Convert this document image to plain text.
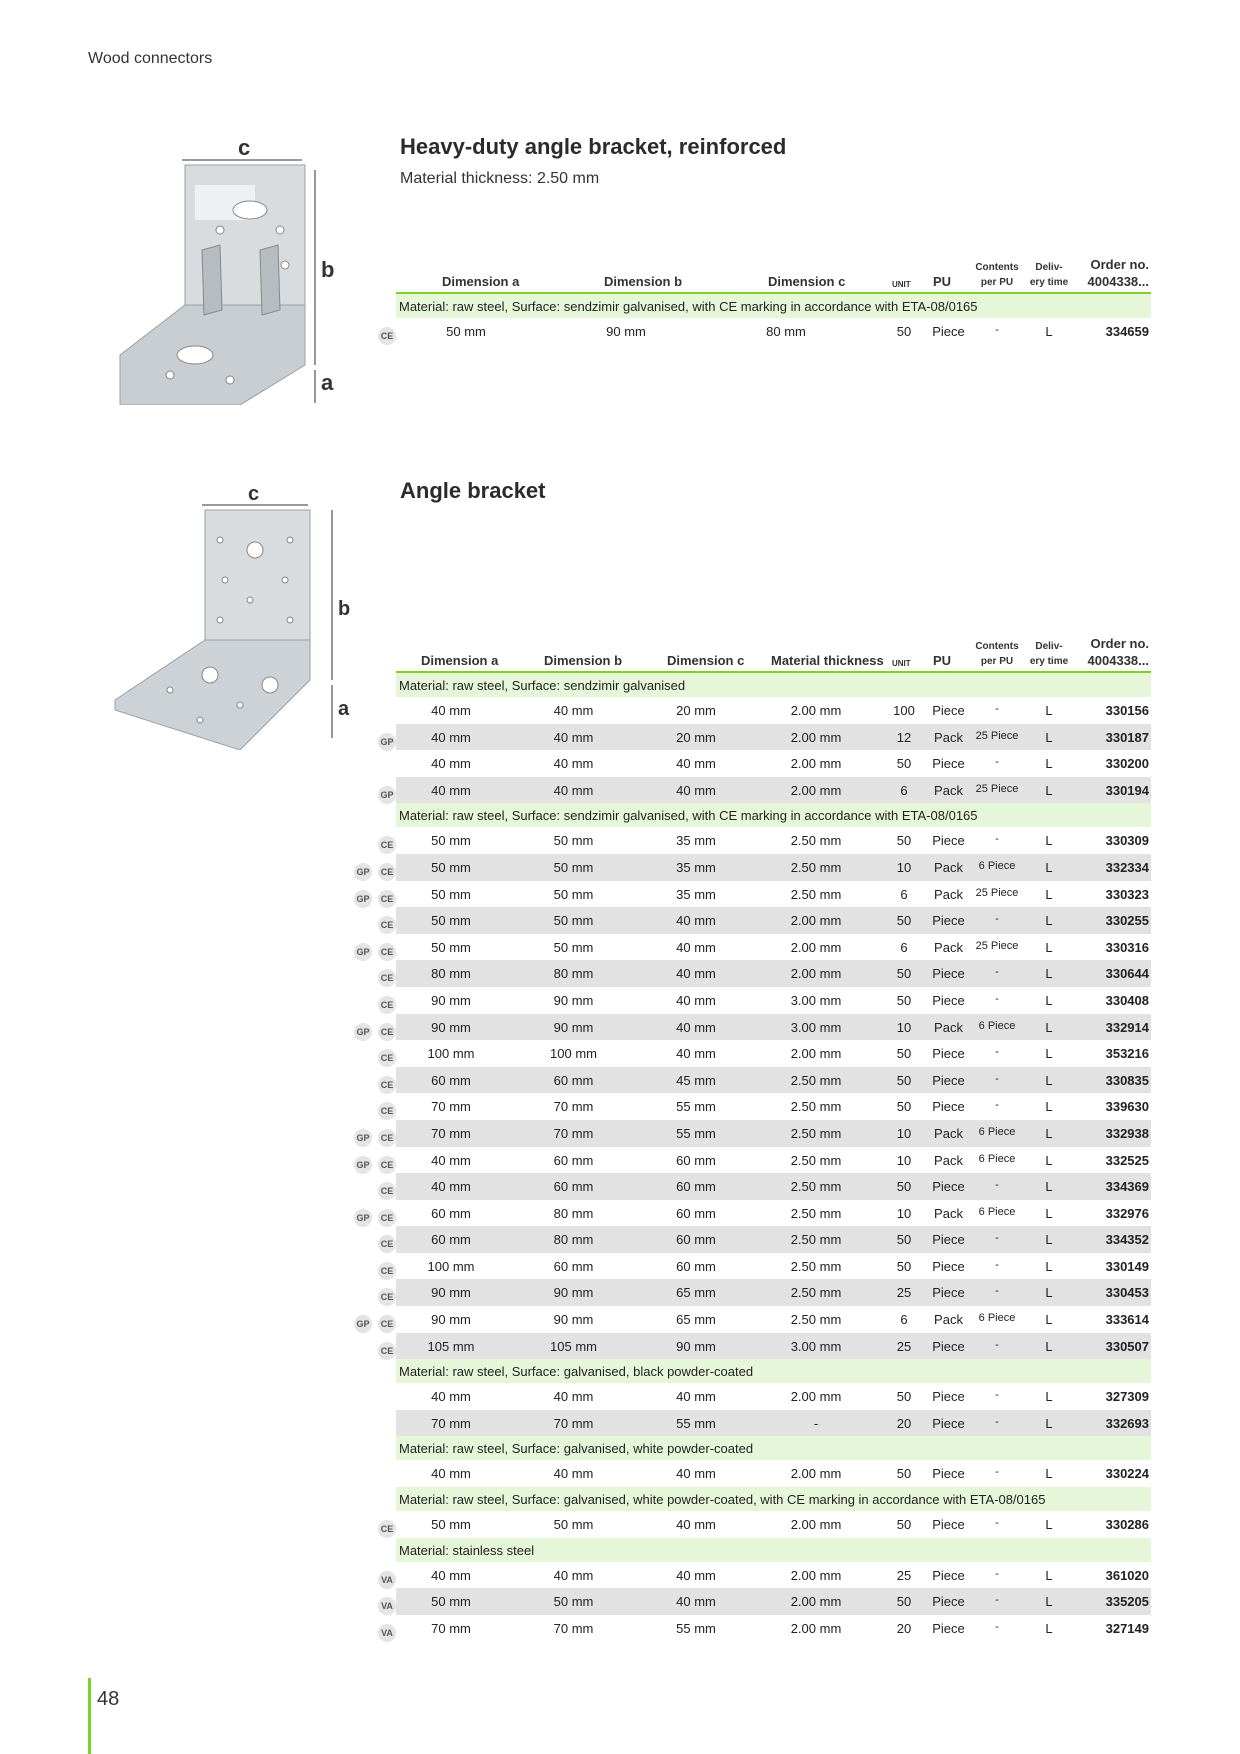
Wood connectors
c
b
a
Heavy-duty angle bracket, reinforced
Material thickness: 2.50 mm
Dimension a	Dimension b	Dimension c	UNIT PU
Contents
per PU
Deliv-
ery time
Order no.
4004338...
Material: raw steel, Surface: sendzimir galvanised, with CE marking in accordance with ETA-08/0165
CE	50 mm	90 mm	80 mm	50	Piece	-	L	334659
c
b
a
Angle bracket
Dimension a	Dimension b	Dimension c Material thickness UNIT PU
Contents
per PU
Deliv-
ery time
Order no.
4004338...
Material: raw steel, Surface: sendzimir galvanised
40 mm	40 mm	20 mm	2.00 mm	100	Piece	-	L	330156
GP	40 mm	40 mm	20 mm	2.00 mm	12	Pack	25 Piece	L	330187
40 mm	40 mm	40 mm	2.00 mm	50	Piece	-	L	330200
GP	40 mm	40 mm	40 mm	2.00 mm	6	Pack	25 Piece	L	330194
Material: raw steel, Surface: sendzimir galvanised, with CE marking in accordance with ETA-08/0165
CE	50 mm	50 mm	35 mm	2.50 mm	50	Piece	-	L	330309
GP	CE	50 mm	50 mm	35 mm	2.50 mm	10	Pack	6 Piece	L	332334
GP	CE	50 mm	50 mm	35 mm	2.50 mm	6	Pack	25 Piece	L	330323
CE	50 mm	50 mm	40 mm	2.00 mm	50	Piece	-	L	330255
GP	CE	50 mm	50 mm	40 mm	2.00 mm	6	Pack	25 Piece	L	330316
CE	80 mm	80 mm	40 mm	2.00 mm	50	Piece	-	L	330644
CE	90 mm	90 mm	40 mm	3.00 mm	50	Piece	-	L	330408
GP	CE	90 mm	90 mm	40 mm	3.00 mm	10	Pack	6 Piece	L	332914
CE	100 mm	100 mm	40 mm	2.00 mm	50	Piece	-	L	353216
CE	60 mm	60 mm	45 mm	2.50 mm	50	Piece	-	L	330835
CE	70 mm	70 mm	55 mm	2.50 mm	50	Piece	-	L	339630
GP	CE	70 mm	70 mm	55 mm	2.50 mm	10	Pack	6 Piece	L	332938
GP	CE	40 mm	60 mm	60 mm	2.50 mm	10	Pack	6 Piece	L	332525
CE	40 mm	60 mm	60 mm	2.50 mm	50	Piece	-	L	334369
GP	CE	60 mm	80 mm	60 mm	2.50 mm	10	Pack	6 Piece	L	332976
CE	60 mm	80 mm	60 mm	2.50 mm	50	Piece	-	L	334352
CE	100 mm	60 mm	60 mm	2.50 mm	50	Piece	-	L	330149
CE	90 mm	90 mm	65 mm	2.50 mm	25	Piece	-	L	330453
GP	CE	90 mm	90 mm	65 mm	2.50 mm	6	Pack	6 Piece	L	333614
CE	105 mm	105 mm	90 mm	3.00 mm	25	Piece	-	L	330507
Material: raw steel, Surface: galvanised, black powder-coated
40 mm	40 mm	40 mm	2.00 mm	50	Piece	-	L	327309
70 mm	70 mm	55 mm	-	20	Piece	-	L	332693
Material: raw steel, Surface: galvanised, white powder-coated
40 mm	40 mm	40 mm	2.00 mm	50	Piece	-	L	330224
Material: raw steel, Surface: galvanised, white powder-coated, with CE marking in accordance with ETA-08/0165
CE	50 mm	50 mm	40 mm	2.00 mm	50	Piece	-	L	330286
Material: stainless steel
VA	40 mm	40 mm	40 mm	2.00 mm	25	Piece	-	L	361020
VA	50 mm	50 mm	40 mm	2.00 mm	50	Piece	-	L	335205
VA	70 mm	70 mm	55 mm	2.00 mm	20	Piece	-	L	327149
48
